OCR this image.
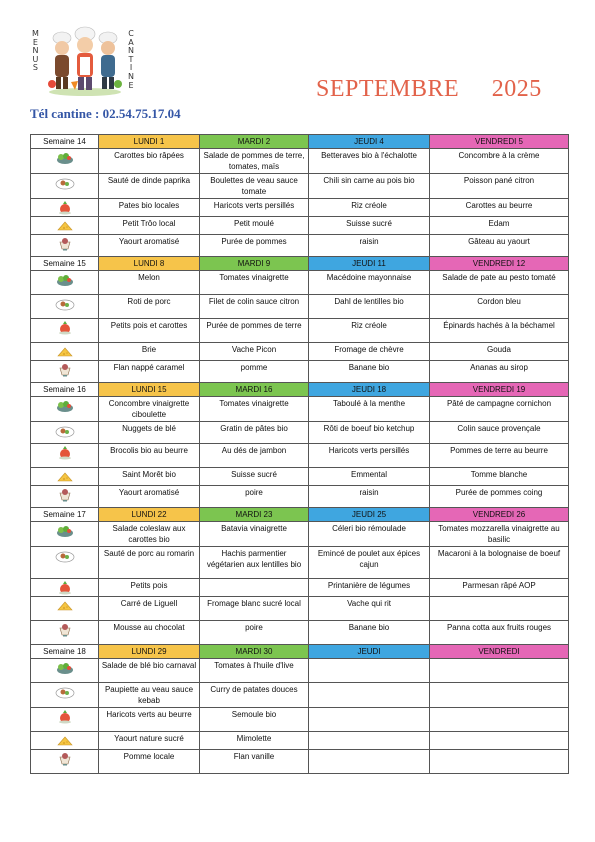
M
E
N
U
S
C
A
N
T
I
N
E	SEPTEMBRE     2025
Tél cantine : 02.54.75.17.04
Semaine 14	LUNDI 1	MARDI 2	JEUDI 4	VENDREDI 5
	Carottes bio râpées	Salade de pommes de terre, tomates, maïs	Betteraves bio à l'échalotte	Concombre à la crème
	Sauté de dinde paprika	Boulettes de veau sauce tomate	Chili sin carne au pois bio	Poisson pané citron
	Pates bio locales	Haricots verts persillés	Riz créole	Carottes au beurre
	Petit Trôo local	Petit moulé	Suisse sucré	Edam
	Yaourt aromatisé	Purée de pommes	raisin	Gâteau au yaourt
Semaine 15	LUNDI 8	MARDI 9	JEUDI 11	VENDREDI 12
	Melon	Tomates vinaigrette	Macédoine mayonnaise	Salade de pate au pesto tomaté
	Roti de porc	Filet de colin sauce citron	Dahl de lentilles bio	Cordon bleu
	Petits pois et carottes	Purée de pommes de terre	Riz créole	Épinards hachés à la béchamel
	Brie	Vache Picon	Fromage de chèvre	Gouda
	Flan nappé caramel	pomme	Banane bio	Ananas au sirop
Semaine 16	LUNDI 15	MARDI 16	JEUDI 18	VENDREDI 19
	Concombre vinaigrette ciboulette	Tomates vinaigrette	Taboulé à la menthe	Pâté de campagne cornichon
	Nuggets de blé	Gratin de pâtes bio	Rôti de boeuf bio ketchup	Colin sauce provençale
	Brocolis bio au beurre	Au dés de jambon	Haricots verts persillés	Pommes de terre au beurre
	Saint Morêt bio	Suisse sucré	Emmental	Tomme blanche
	Yaourt aromatisé	poire	raisin	Purée de pommes coing
Semaine 17	LUNDI 22	MARDI 23	JEUDI 25	VENDREDI 26
	Salade coleslaw aux carottes bio	Batavia vinaigrette	Céleri bio rémoulade	Tomates mozzarella vinaigrette au basilic
	Sauté de porc au romarin	Hachis parmentier végétarien aux lentilles bio	Emincé de poulet aux épices cajun	Macaroni à la bolognaise de boeuf
	Petits pois		Printanière de légumes	Parmesan râpé AOP
	Carré de Liguell	Fromage blanc sucré local	Vache qui rit	
	Mousse au chocolat	poire	Banane bio	Panna cotta aux fruits rouges
Semaine 18	LUNDI 29	MARDI 30	JEUDI	VENDREDI
	Salade de blé bio carnaval	Tomates à l'huile d'live		
	Paupiette au veau sauce kebab	Curry de patates douces		
	Haricots verts au beurre	Semoule bio		
	Yaourt nature sucré	Mimolette		
	Pomme locale	Flan vanille		
